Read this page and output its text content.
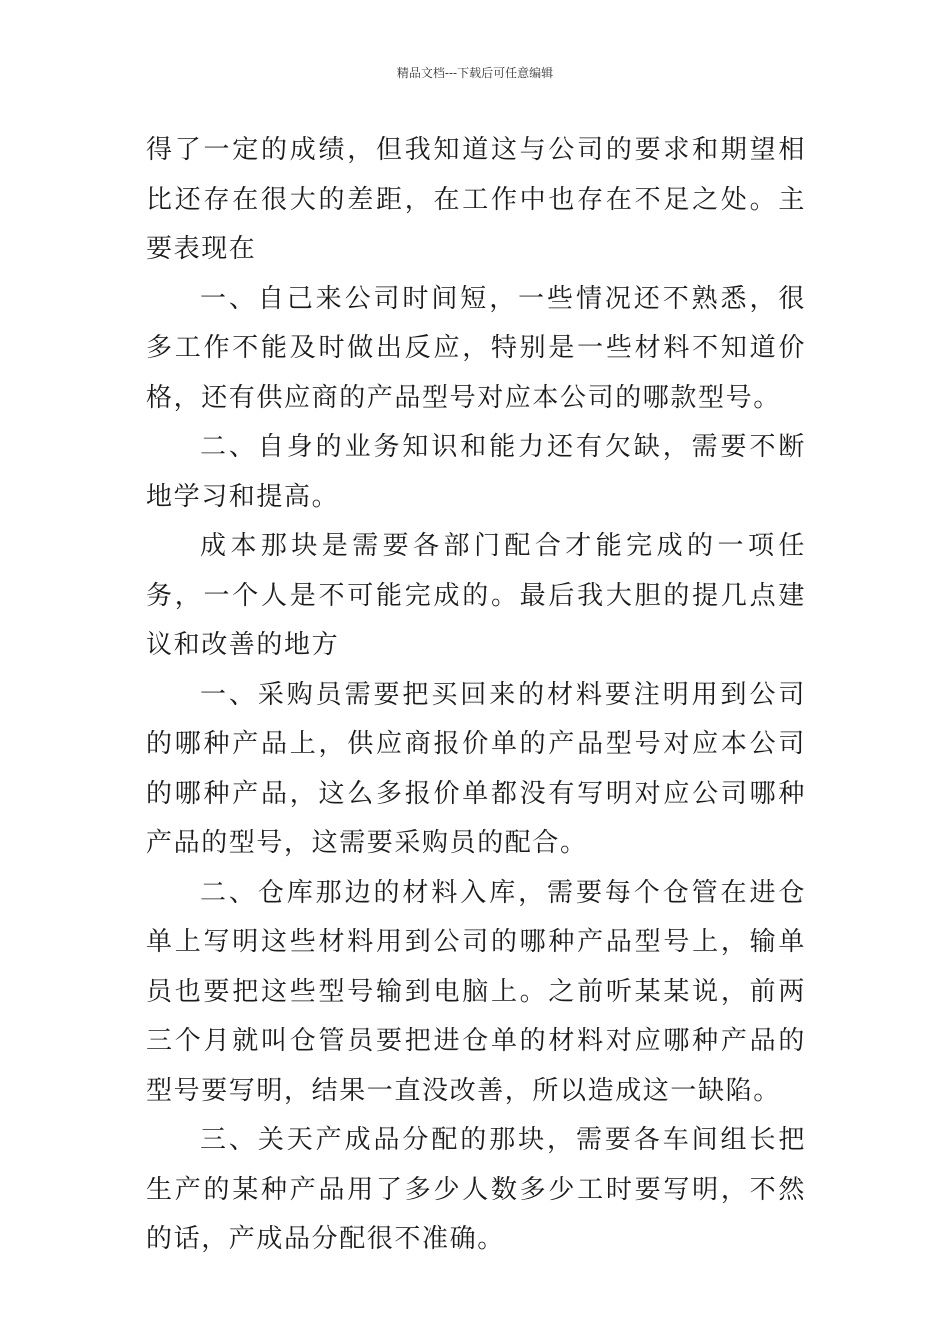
精品文档---下载后可任意编辑

得了一定的成绩，但我知道这与公司的要求和期望相比还存在很大的差距，在工作中也存在不足之处。主要表现在

一、自己来公司时间短，一些情况还不熟悉，很多工作不能及时做出反应，特别是一些材料不知道价格，还有供应商的产品型号对应本公司的哪款型号。

二、自身的业务知识和能力还有欠缺，需要不断地学习和提高。

成本那块是需要各部门配合才能完成的一项任务，一个人是不可能完成的。最后我大胆的提几点建议和改善的地方

一、采购员需要把买回来的材料要注明用到公司的哪种产品上，供应商报价单的产品型号对应本公司的哪种产品，这么多报价单都没有写明对应公司哪种产品的型号，这需要采购员的配合。

二、仓库那边的材料入库，需要每个仓管在进仓单上写明这些材料用到公司的哪种产品型号上，输单员也要把这些型号输到电脑上。之前听某某说，前两三个月就叫仓管员要把进仓单的材料对应哪种产品的型号要写明，结果一直没改善，所以造成这一缺陷。

三、关天产成品分配的那块，需要各车间组长把生产的某种产品用了多少人数多少工时要写明，不然的话，产成品分配很不准确。
